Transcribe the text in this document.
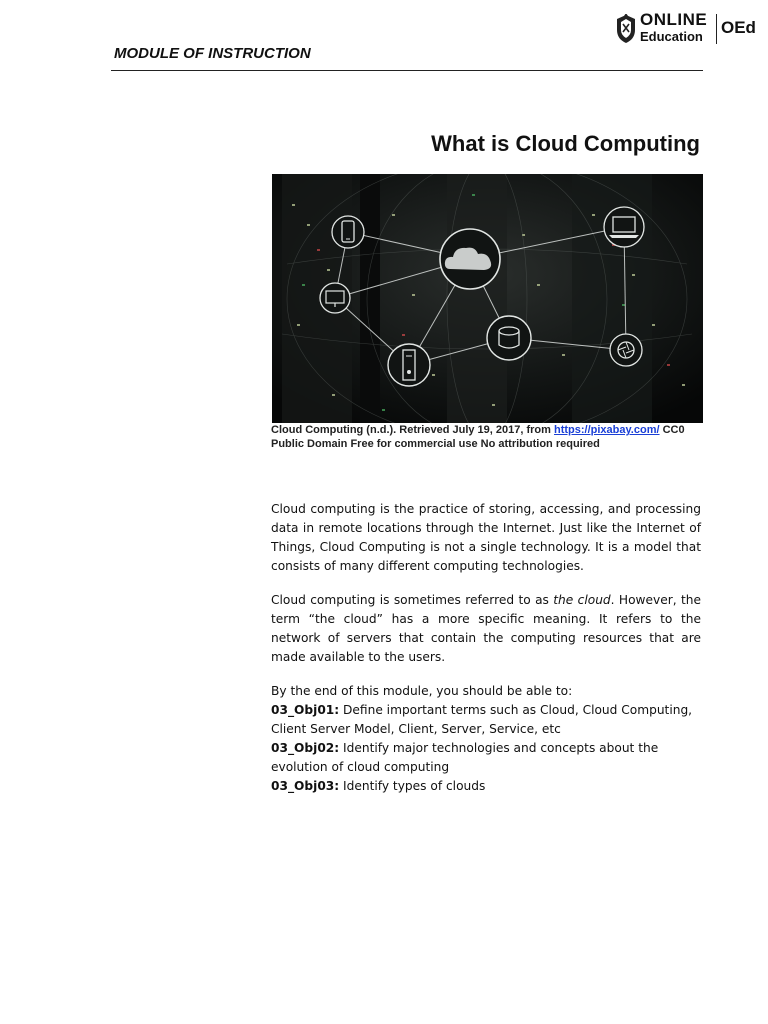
MODULE OF INSTRUCTION
ONLINE
Education OEd
What is Cloud Computing
Cloud Computing (n.d.). Retrieved July 19, 2017, from https://pixabay.com/ CC0 Public Domain Free for commercial use No attribution required

Cloud computing is the practice of storing, accessing, and processing data in remote locations through the Internet. Just like the Internet of Things, Cloud Computing is not a single technology. It is a model that consists of many different computing technologies.

Cloud computing is sometimes referred to as the cloud. However, the term “the cloud” has a more specific meaning. It refers to the network of servers that contain the computing resources that are made available to the users.

By the end of this module, you should be able to:

03_Obj01: Define important terms such as Cloud, Cloud Computing, Client Server Model, Client, Server, Service, etc

03_Obj02: Identify major technologies and concepts about the evolution of cloud computing

03_Obj03: Identify types of clouds
